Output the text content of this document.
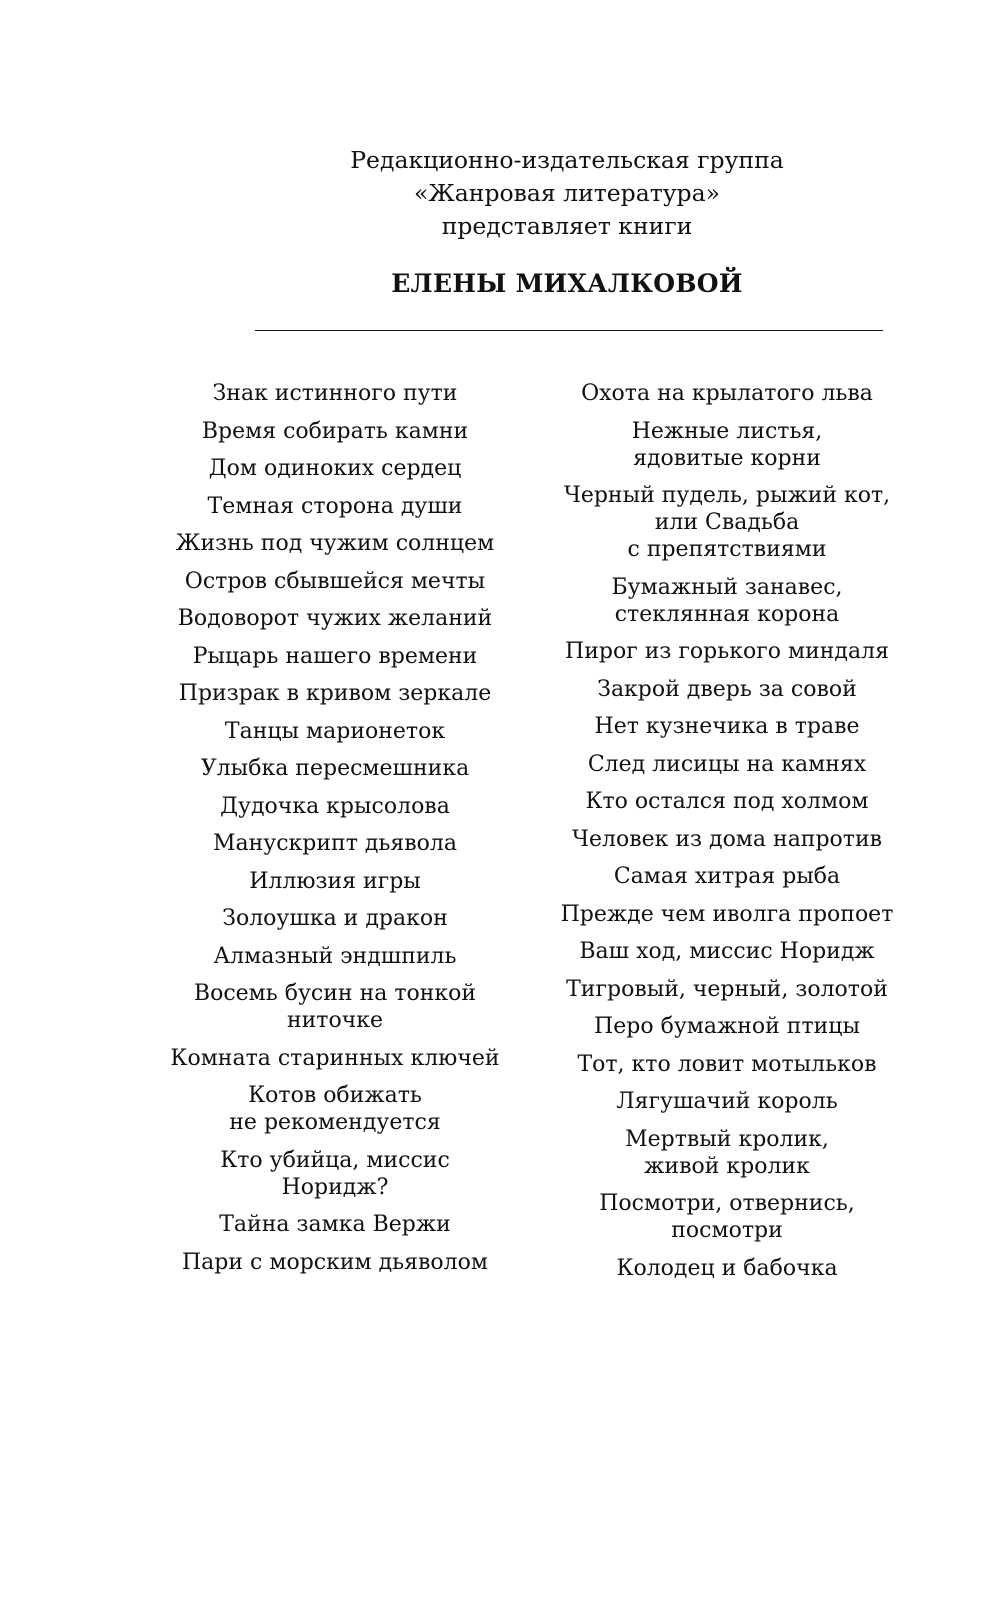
Редакционно-издательская группа

«Жанровая литература»

представляет книги

ЕЛЕНЫ МИХАЛКОВОЙ
Знак истинного пути
Время собирать камни
Дом одиноких сердец
Темная сторона души
Жизнь под чужим солнцем
Остров сбывшейся мечты
Водоворот чужих желаний
Рыцарь нашего времени
Призрак в кривом зеркале
Танцы марионеток
Улыбка пересмешника
Дудочка крысолова
Манускрипт дьявола
Иллюзия игры
Золоушка и дракон
Алмазный эндшпиль
Восемь бусин на тонкой
ниточке
Комната старинных ключей
Котов обижать
не рекомендуется
Кто убийца, миссис
Норидж?
Тайна замка Вержи
Пари с морским дьяволом
Охота на крылатого льва
Нежные листья,
ядовитые корни
Черный пудель, рыжий кот,
или Свадьба
с препятствиями
Бумажный занавес,
стеклянная корона
Пирог из горького миндаля
Закрой дверь за совой
Нет кузнечика в траве
След лисицы на камнях
Кто остался под холмом
Человек из дома напротив
Самая хитрая рыба
Прежде чем иволга пропоет
Ваш ход, миссис Норидж
Тигровый, черный, золотой
Перо бумажной птицы
Тот, кто ловит мотыльков
Лягушачий король
Мертвый кролик,
живой кролик
Посмотри, отвернись,
посмотри
Колодец и бабочка
